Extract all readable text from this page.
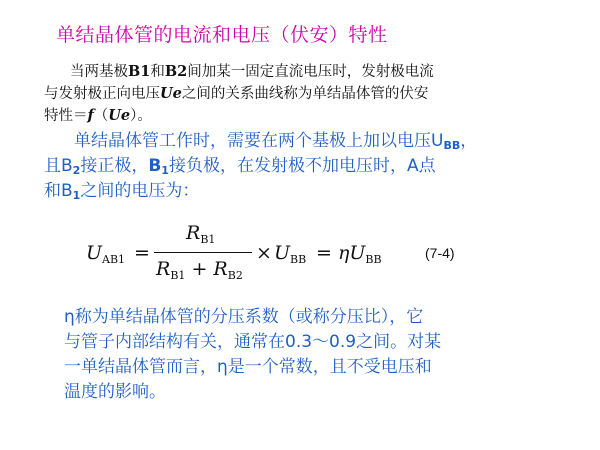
单结晶体管的电流和电压（伏安）特性
当两基极B1和B2间加某一固定直流电压时，发射极电流
与发射极正向电压Ue之间的关系曲线称为单结晶体管的伏安
特性＝f（Ue）。
单结晶体管工作时，需要在两个基极上加以电压$U_{BB}$，
且$B_2$接正极，$B_1$接负极，在发射极不加电压时，A点
和$B_1$之间的电压为：
$U_{AB1}$ =
$R_{B1}$
$R_{B1} + R_{B2}$
× $U_{BB} = \eta U_{BB}$	(7-4)
η称为单结晶体管的分压系数（或称分压比），它
与管子内部结构有关，通常在0.3～0.9之间。对某
一单结晶体管而言，η是一个常数，且不受电压和
温度的影响。
